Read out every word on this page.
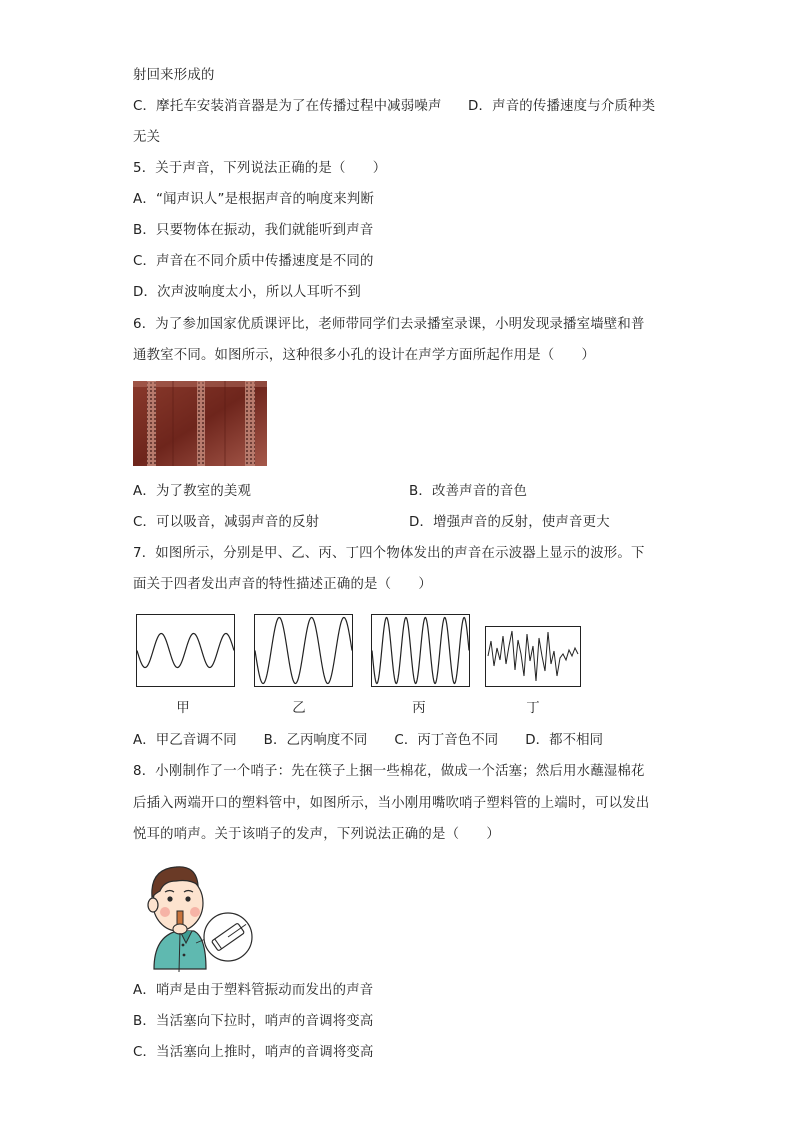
射回来形成的
C．摩托车安装消音器是为了在传播过程中减弱噪声 D．声音的传播速度与介质种类
无关
5．关于声音，下列说法正确的是（　　）
A．“闻声识人”是根据声音的响度来判断
B．只要物体在振动，我们就能听到声音
C．声音在不同介质中传播速度是不同的
D．次声波响度太小，所以人耳听不到
6．为了参加国家优质课评比，老师带同学们去录播室录课，小明发现录播室墙壁和普
通教室不同。如图所示，这种很多小孔的设计在声学方面所起作用是（　　）
A．为了教室的美观	B．改善声音的音色
C．可以吸音，减弱声音的反射	D．增强声音的反射，使声音更大
7．如图所示，分别是甲、乙、丙、丁四个物体发出的声音在示波器上显示的波形。下
面关于四者发出声音的特性描述正确的是（　　）
甲	乙	丙	丁
A．甲乙音调不同　　B．乙丙响度不同　　C．丙丁音色不同　　D．都不相同
8．小刚制作了一个哨子：先在筷子上捆一些棉花，做成一个活塞；然后用水蘸湿棉花
后插入两端开口的塑料管中，如图所示，当小刚用嘴吹哨子塑料管的上端时，可以发出
悦耳的哨声。关于该哨子的发声，下列说法正确的是（　　）
A．哨声是由于塑料管振动而发出的声音
B．当活塞向下拉时，哨声的音调将变高
C．当活塞向上推时，哨声的音调将变高
